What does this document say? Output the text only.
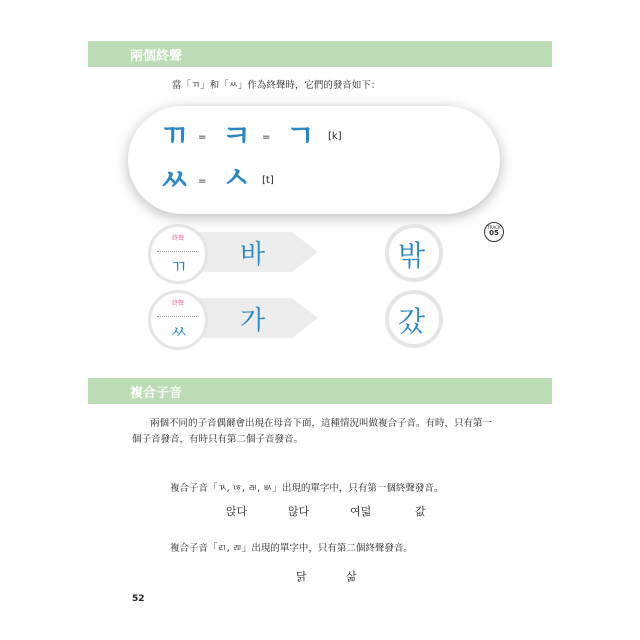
兩個終聲
當「ㄲ」和「ㅆ」作為終聲時，它們的發音如下：
ㄲ = ㅋ = ㄱ [k]
ㅆ = ㅅ [t]
TRACK
05
終聲
ㄲ 바	밖
終聲
ㅆ 가	갔
複合子音
兩個不同的子音偶爾會出現在母音下面，這種情況叫做複合子音。有時，只有第一
個子音發音，有時只有第二個子音發音。
複合子音「ㄳ, ㄶ, ㄼ, ㅄ」出現的單字中，只有第一個終聲發音。
앉다	않다	여덟	값
複合子音「ㄺ, ㄻ」出現的單字中，只有第二個終聲發音。
닭	삶
52
